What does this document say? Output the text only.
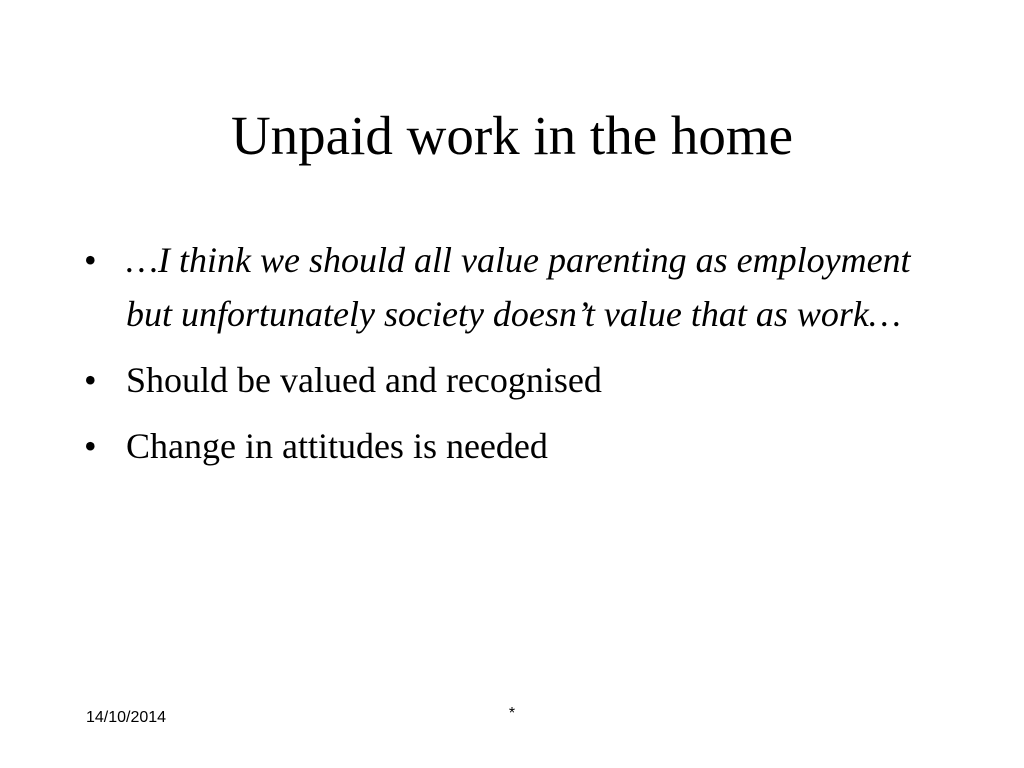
Unpaid work in the home
• …I think we should all value parenting as employment but unfortunately society doesn’t value that as work…
• Should be valued and recognised
• Change in attitudes is needed
14/10/2014	*
